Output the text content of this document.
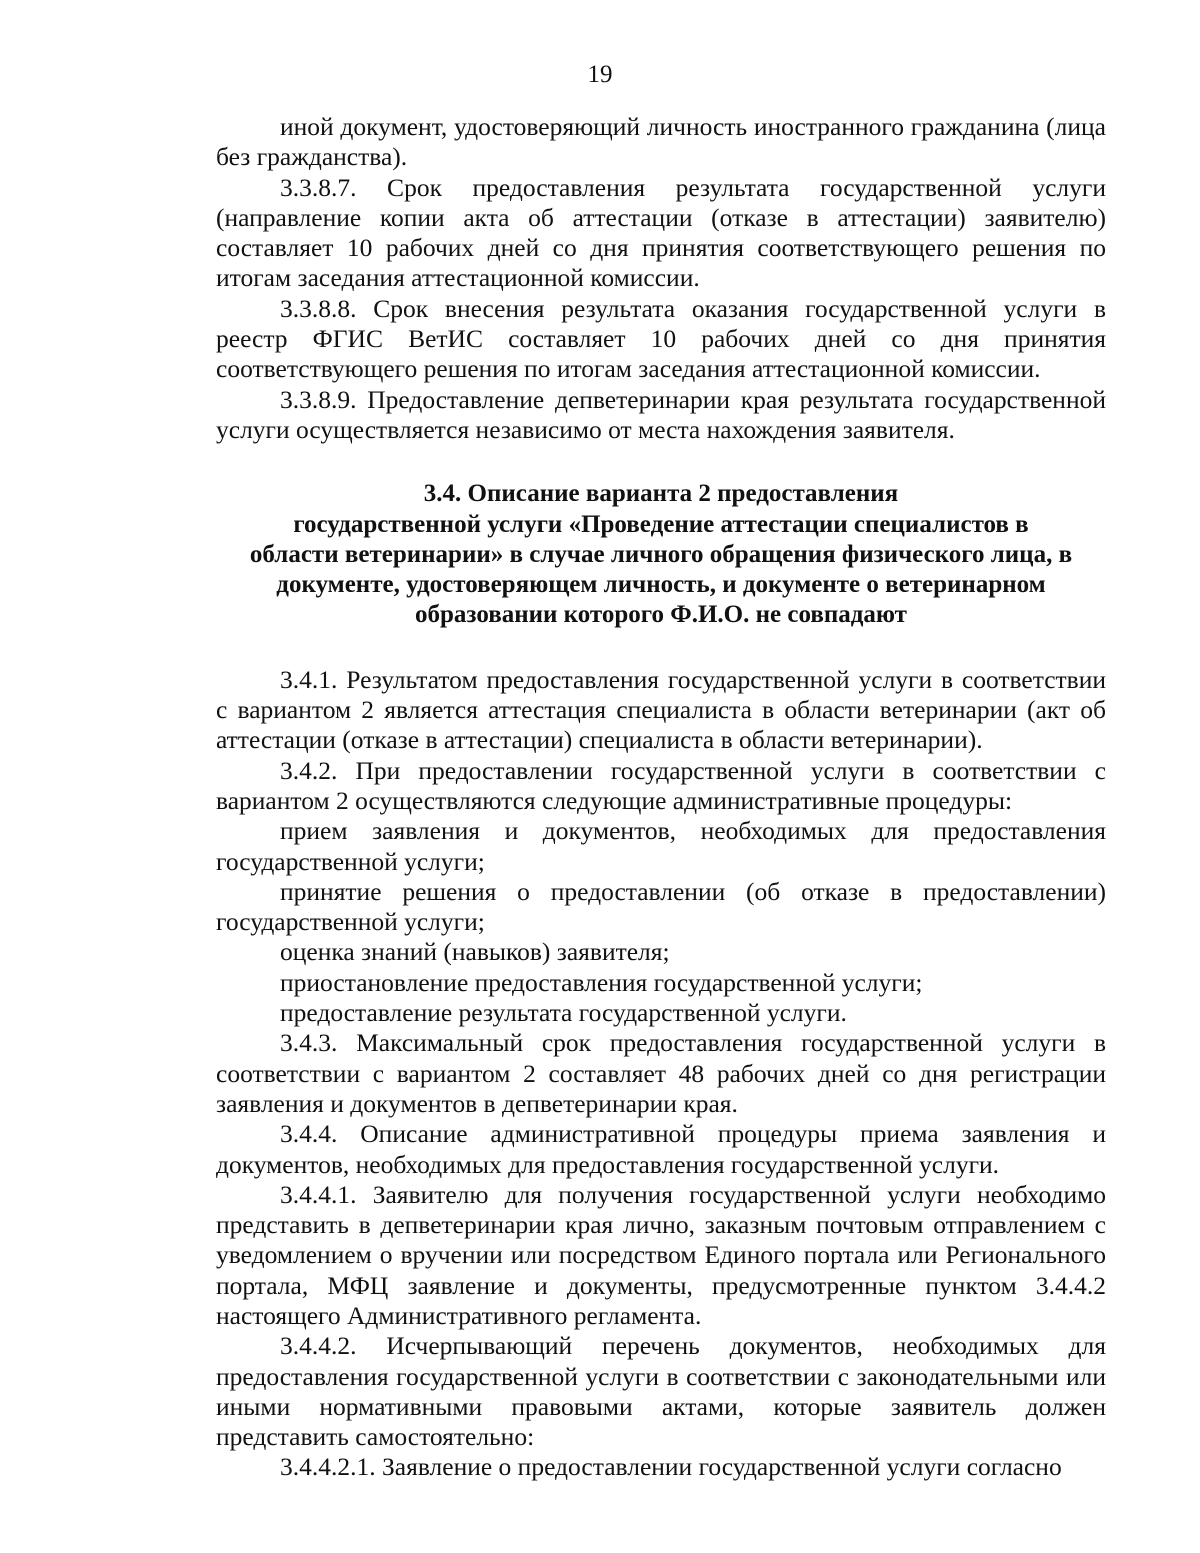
19

иной документ, удостоверяющий личность иностранного гражданина (лица без гражданства).

3.3.8.7. Срок предоставления результата государственной услуги (направление копии акта об аттестации (отказе в аттестации) заявителю) составляет 10 рабочих дней со дня принятия соответствующего решения по итогам заседания аттестационной комиссии.

3.3.8.8. Срок внесения результата оказания государственной услуги в реестр ФГИС ВетИС составляет 10 рабочих дней со дня принятия соответствующего решения по итогам заседания аттестационной комиссии.

3.3.8.9. Предоставление депветеринарии края результата государственной услуги осуществляется независимо от места нахождения заявителя.

3.4. Описание варианта 2 предоставления
государственной услуги «Проведение аттестации специалистов в
области ветеринарии» в случае личного обращения физического лица, в
документе, удостоверяющем личность, и документе о ветеринарном
образовании которого Ф.И.О. не совпадают

3.4.1. Результатом предоставления государственной услуги в соответствии с вариантом 2 является аттестация специалиста в области ветеринарии (акт об аттестации (отказе в аттестации) специалиста в области ветеринарии).

3.4.2. При предоставлении государственной услуги в соответствии с вариантом 2 осуществляются следующие административные процедуры:

прием заявления и документов, необходимых для предоставления государственной услуги;

принятие решения о предоставлении (об отказе в предоставлении) государственной услуги;

оценка знаний (навыков) заявителя;

приостановление предоставления государственной услуги;

предоставление результата государственной услуги.

3.4.3. Максимальный срок предоставления государственной услуги в соответствии с вариантом 2 составляет 48 рабочих дней со дня регистрации заявления и документов в депветеринарии края.

3.4.4. Описание административной процедуры приема заявления и документов, необходимых для предоставления государственной услуги.

3.4.4.1. Заявителю для получения государственной услуги необходимо представить в депветеринарии края лично, заказным почтовым отправлением с уведомлением о вручении или посредством Единого портала или Регионального портала, МФЦ заявление и документы, предусмотренные пунктом 3.4.4.2 настоящего Административного регламента.

3.4.4.2. Исчерпывающий перечень документов, необходимых для предоставления государственной услуги в соответствии с законодательными или иными нормативными правовыми актами, которые заявитель должен представить самостоятельно:

3.4.4.2.1. Заявление о предоставлении государственной услуги согласно
